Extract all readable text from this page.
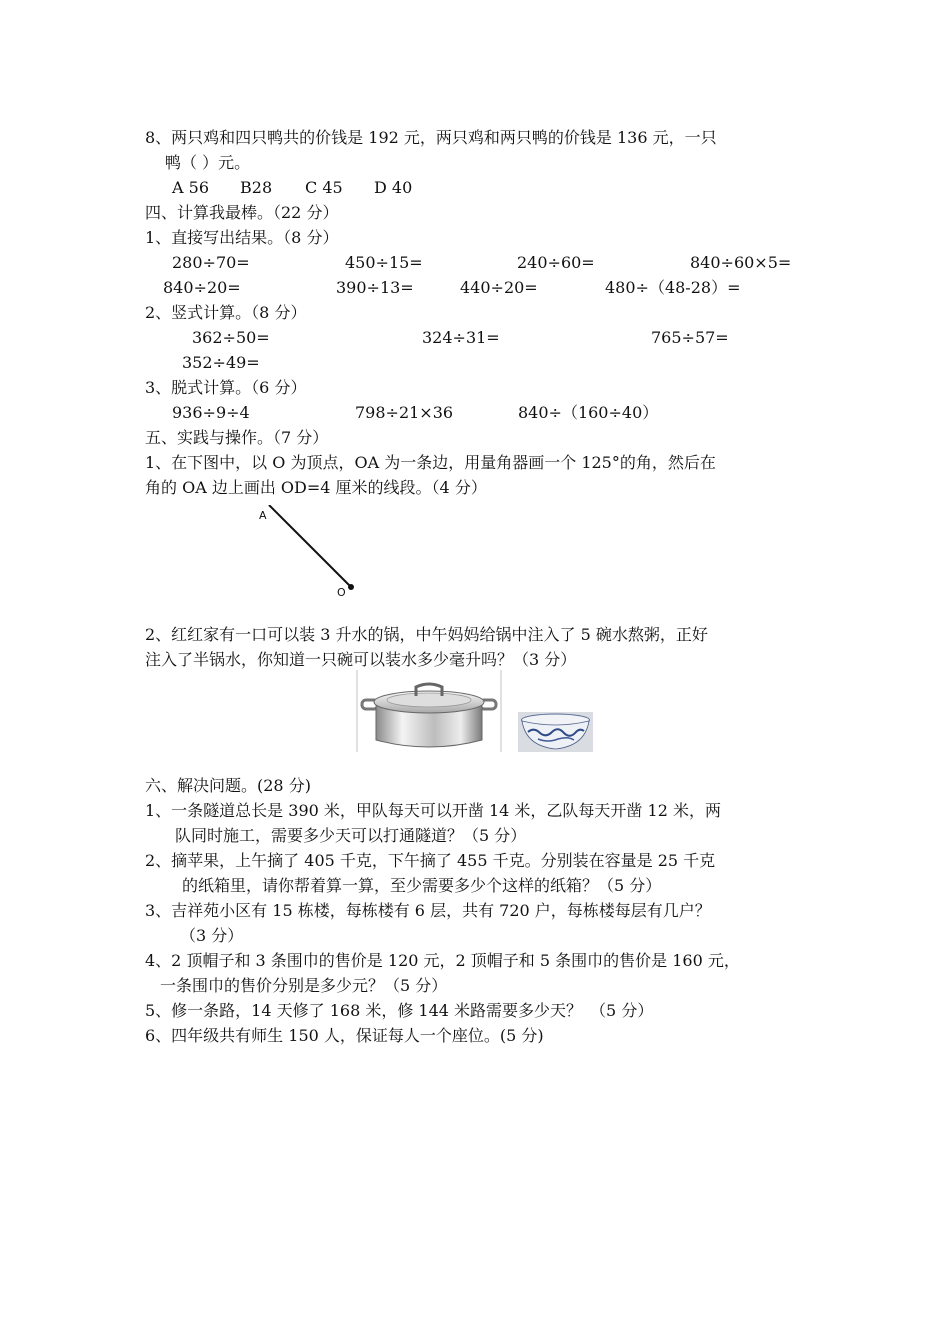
8、两只鸡和四只鸭共的价钱是 192 元，两只鸡和两只鸭的价钱是 136 元，一只
鸭（ ）元。
A 56 B28 C 45 D 40
四、计算我最棒。（22 分）
1、直接写出结果。（8 分）
280÷70=	450÷15=	240÷60=	840÷60×5=
840÷20=	390÷13=	440÷20=	480÷（48-28）=
2、竖式计算。（8 分）
362÷50=	324÷31=	765÷57=
352÷49=
3、脱式计算。（6 分）
936÷9÷4	798÷21×36	840÷（160÷40）
五、实践与操作。（7 分）
1、在下图中，以 O 为顶点，OA 为一条边，用量角器画一个 125°的角，然后在
角的 OA 边上画出 OD=4 厘米的线段。（4 分）
A
O
2、红红家有一口可以装 3 升水的锅，中午妈妈给锅中注入了 5 碗水熬粥，正好
注入了半锅水，你知道一只碗可以装水多少毫升吗？（3 分）
六、解决问题。(28 分)
1、一条隧道总长是 390 米，甲队每天可以开凿 14 米，乙队每天开凿 12 米，两
队同时施工，需要多少天可以打通隧道？（5 分）
2、摘苹果，上午摘了 405 千克，下午摘了 455 千克。分别装在容量是 25 千克
的纸箱里，请你帮着算一算，至少需要多少个这样的纸箱？（5 分）
3、吉祥苑小区有 15 栋楼，每栋楼有 6 层，共有 720 户，每栋楼每层有几户？
（3 分）
4、2 顶帽子和 3 条围巾的售价是 120 元，2 顶帽子和 5 条围巾的售价是 160 元，
一条围巾的售价分别是多少元？（5 分）
5、修一条路，14 天修了 168 米，修 144 米路需要多少天？　（5 分）
6、四年级共有师生 150 人，保证每人一个座位。(5 分)
